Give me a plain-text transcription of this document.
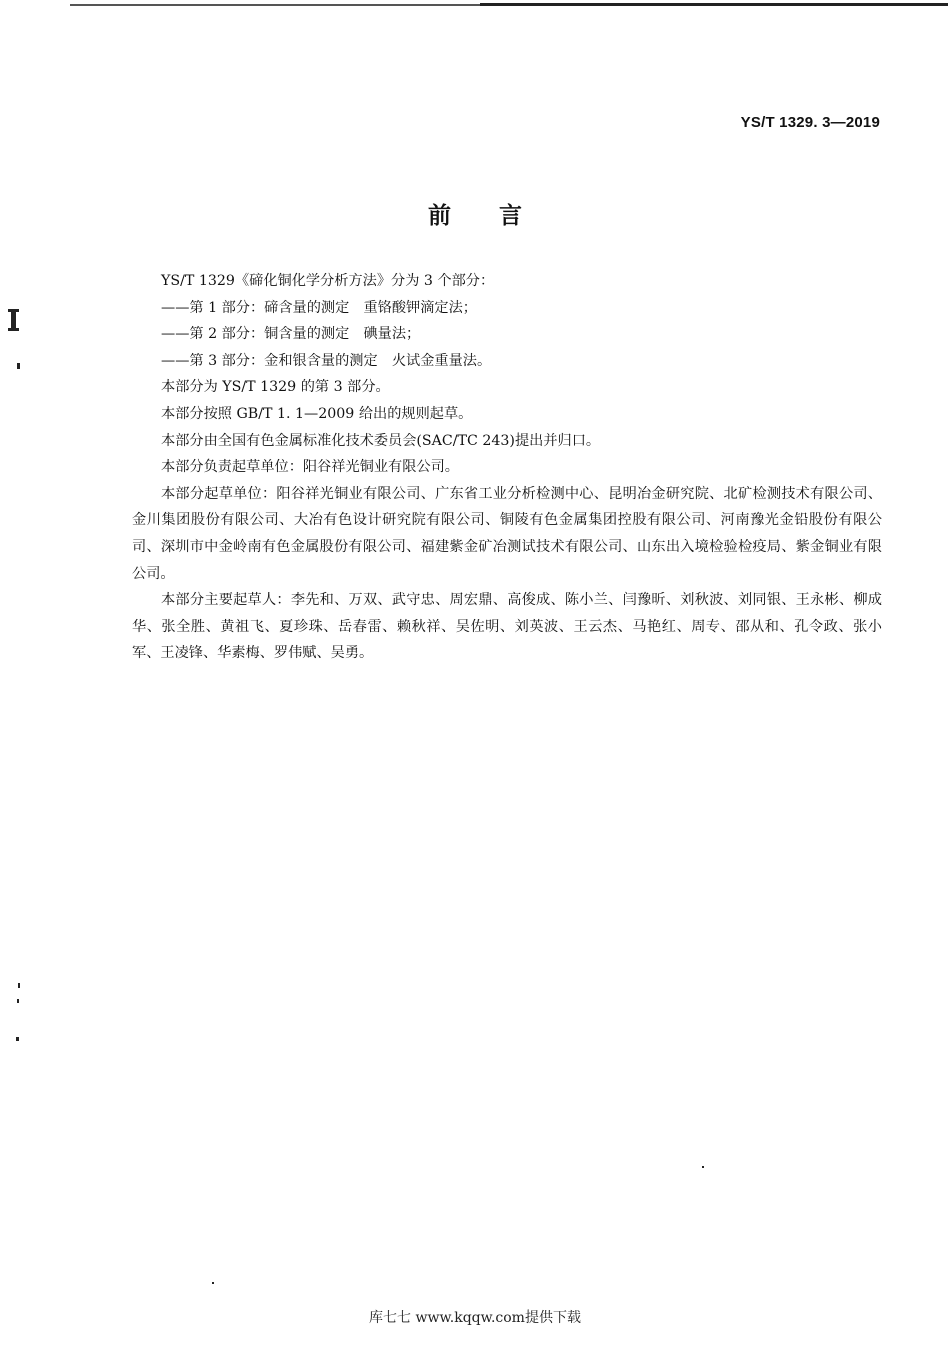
YS/T 1329. 3—2019
前言

YS/T 1329《碲化铜化学分析方法》分为 3 个部分：

——第 1 部分：碲含量的测定　重铬酸钾滴定法；

——第 2 部分：铜含量的测定　碘量法；

——第 3 部分：金和银含量的测定　火试金重量法。

本部分为 YS/T 1329 的第 3 部分。

本部分按照 GB/T 1. 1—2009 给出的规则起草。

本部分由全国有色金属标准化技术委员会(SAC/TC 243)提出并归口。

本部分负责起草单位：阳谷祥光铜业有限公司。

本部分起草单位：阳谷祥光铜业有限公司、广东省工业分析检测中心、昆明冶金研究院、北矿检测技术有限公司、金川集团股份有限公司、大冶有色设计研究院有限公司、铜陵有色金属集团控股有限公司、河南豫光金铅股份有限公司、深圳市中金岭南有色金属股份有限公司、福建紫金矿冶测试技术有限公司、山东出入境检验检疫局、紫金铜业有限公司。

本部分主要起草人：李先和、万双、武守忠、周宏鼎、高俊成、陈小兰、闫豫昕、刘秋波、刘同银、王永彬、柳成华、张全胜、黄祖飞、夏珍珠、岳春雷、赖秋祥、吴佐明、刘英波、王云杰、马艳红、周专、邵从和、孔令政、张小军、王凌锋、华素梅、罗伟赋、吴勇。

库七七 www.kqqw.com提供下载
